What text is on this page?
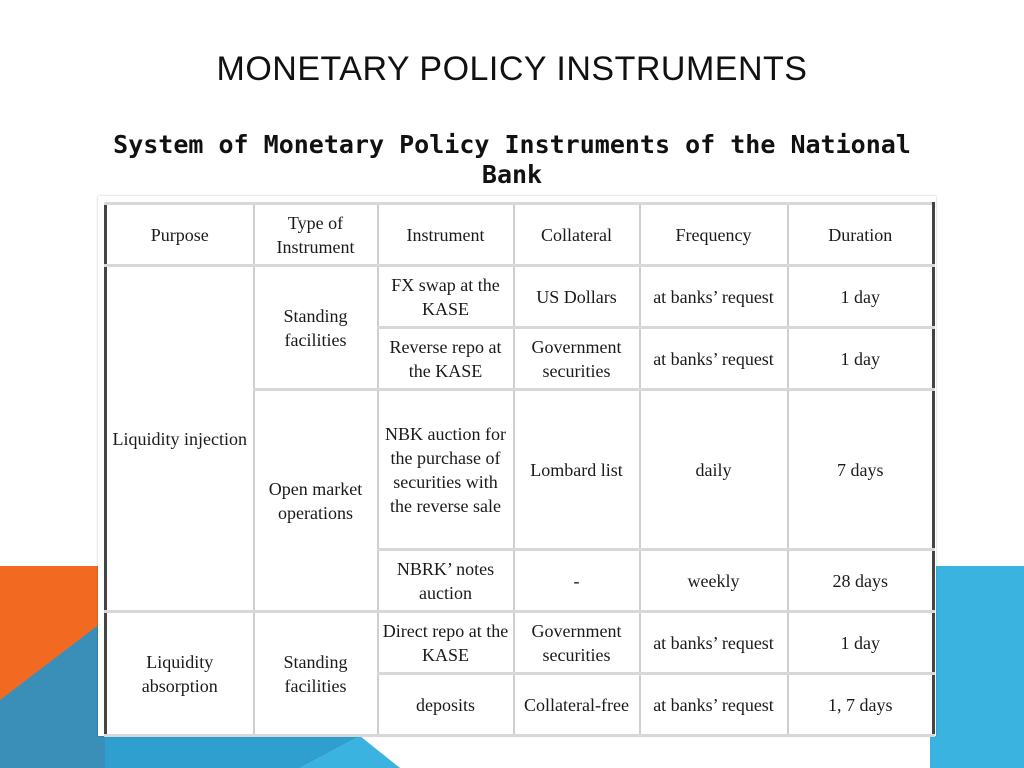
MONETARY POLICY INSTRUMENTS
System of Monetary Policy Instruments of the National Bank
Purpose	Type of Instrument	Instrument	Collateral	Frequency	Duration
Liquidity injection	Standing facilities	FX swap at the KASE	US Dollars	at banks’ request	1 day
		Reverse repo at the KASE	Government securities	at banks’ request	1 day
	Open market operations	NBK auction for the purchase of securities with the reverse sale	Lombard list	daily	7 days
		NBRK’ notes auction	-	weekly	28 days
Liquidity absorption	Standing facilities	Direct repo at the KASE	Government securities	at banks’ request	1 day
		deposits	Collateral-free	at banks’ request	1, 7 days
